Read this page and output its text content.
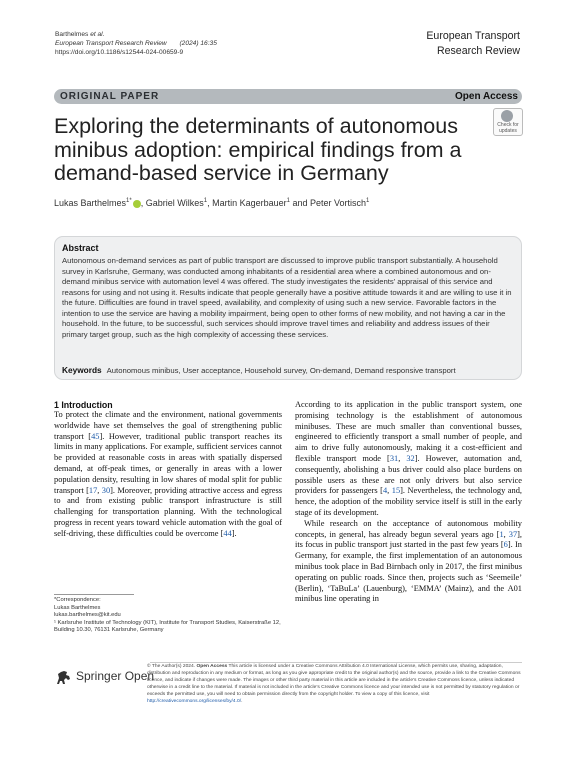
Barthelmes et al.
European Transport Research Review       (2024) 16:35
https://doi.org/10.1186/s12544-024-00659-9
European Transport
Research Review
ORIGINAL PAPER	Open Access
Exploring the determinants of autonomous minibus adoption: empirical findings from a demand-based service in Germany
Check for updates
Lukas Barthelmes$^{1*}$ , Gabriel Wilkes$^1$, Martin Kagerbauer$^1$ and Peter Vortisch$^1$
Abstract
Autonomous on-demand services as part of public transport are discussed to improve public transport substantially. A household survey in Karlsruhe, Germany, was conducted among inhabitants of a residential area where a combined autonomous and on-demand minibus service with automation level 4 was offered. The study investigates the residents’ appraisal of this service and reasons for using and not using it. Results indicate that people generally have a positive attitude towards it and are willing to use it in the future. Difficulties are found in travel speed, availability, and complexity of using such a new service. Favorable factors in the intention to use the service are having a mobility impairment, being open to other forms of new mobility, and not having a car in the household. In the future, to be successful, such services should improve travel times and reliability and address issues of their primary target group, such as the high complexity of accessing these services.
Keywords Autonomous minibus, User acceptance, Household survey, On-demand, Demand responsive transport
1 Introduction

To protect the climate and the environment, national governments worldwide have set themselves the goal of strengthening public transport [45]. However, traditional public transport reaches its limits in many applications. For example, sufficient services cannot be provided at reasonable costs in areas with spatially dispersed demand, at off-peak times, or generally in areas with a lower population density, resulting in low shares of modal split for public transport [17, 30]. Moreover, providing attractive access and egress to and from existing public transport infrastructure is still challenging for transportation planning. With the technological progress in recent years toward vehicle automation with the goal of self-driving, these difficulties could be overcome [44].

According to its application in the public transport system, one promising technology is the establishment of autonomous minibuses. These are much smaller than conventional busses, engineered to efficiently transport a small number of people, and aim to drive fully autonomously, making it a cost-efficient and flexible transport mode [31, 32]. However, automation and, consequently, abolishing a bus driver could also place burdens on possible users as these are not only drivers but also service providers for passengers [4, 15]. Nevertheless, the technology and, hence, the adoption of the mobility service itself is still in the early stage of its development.

While research on the acceptance of autonomous mobility concepts, in general, has already begun several years ago [1, 37], its focus in public transport just started in the past few years [6]. In Germany, for example, the first implementation of an autonomous minibus took place in Bad Birnbach only in 2017, the first minibus operating on public roads. Since then, projects such as ‘Seemeile’ (Berlin), ‘TaBuLa’ (Lauenburg), ‘EMMA’ (Mainz), and the A01 minibus line operating in

*Correspondence:
Lukas Barthelmes
lukas.barthelmes@kit.edu
¹ Karlsruhe Institute of Technology (KIT), Institute for Transport Studies, Kaiserstraße 12, Building 10.30, 76131 Karlsruhe, Germany
Springer Open
© The Author(s) 2024. Open Access This article is licensed under a Creative Commons Attribution 4.0 International License, which permits use, sharing, adaptation, distribution and reproduction in any medium or format, as long as you give appropriate credit to the original author(s) and the source, provide a link to the Creative Commons licence, and indicate if changes were made. The images or other third party material in this article are included in the article’s Creative Commons licence, unless indicated otherwise in a credit line to the material. If material is not included in the article’s Creative Commons licence and your intended use is not permitted by statutory regulation or exceeds the permitted use, you will need to obtain permission directly from the copyright holder. To view a copy of this licence, visit http://creativecommons.org/licenses/by/4.0/.
